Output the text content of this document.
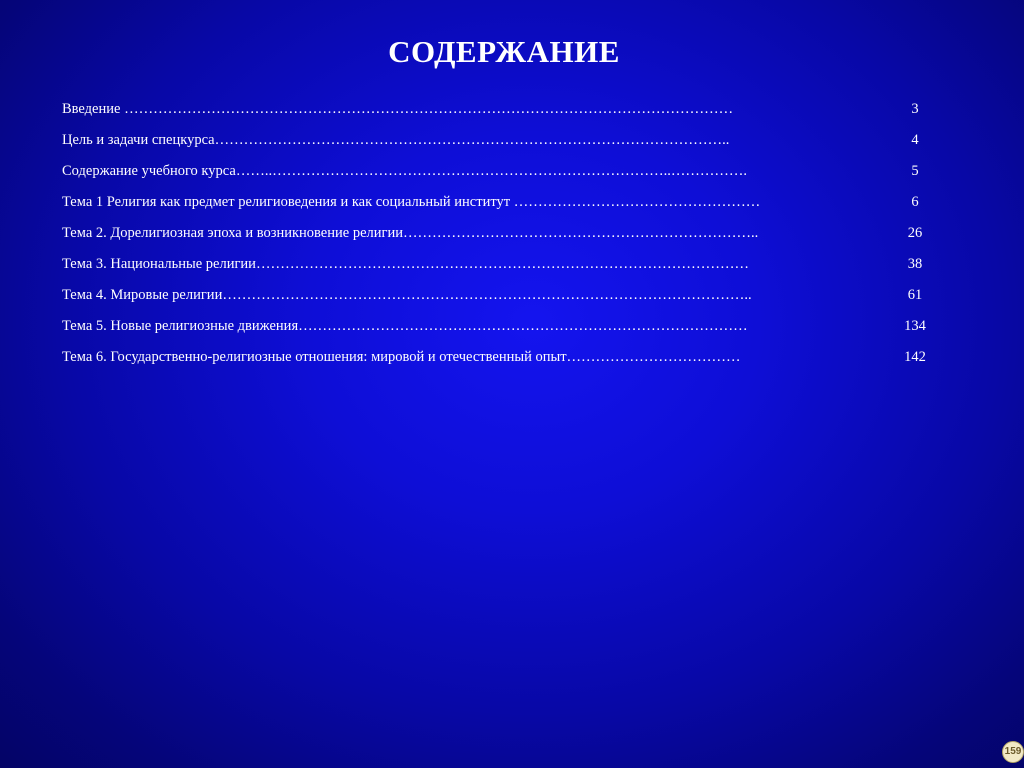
СОДЕРЖАНИЕ
Введение ………………………………………………………………………………………………………………	3
Цель и задачи спецкурса……………………………………………………………………………………………..	4
Содержание учебного курса……..………………………………………………………………………..…………….	5
Тема 1 Религия как предмет религиоведения и как социальный институт ……………………………………………	6
Тема 2. Дорелигиозная эпоха и возникновение религии………………………………………………………………..	26
Тема 3. Национальные религии…………………………………………………………………………………………	38
Тема 4. Мировые религии………………………………………………………………………………………………..	61
Тема 5. Новые религиозные движения…………………………………………………………………………………	134
Тема 6. Государственно-религиозные отношения: мировой и отечественный опыт………………………………	142
159
